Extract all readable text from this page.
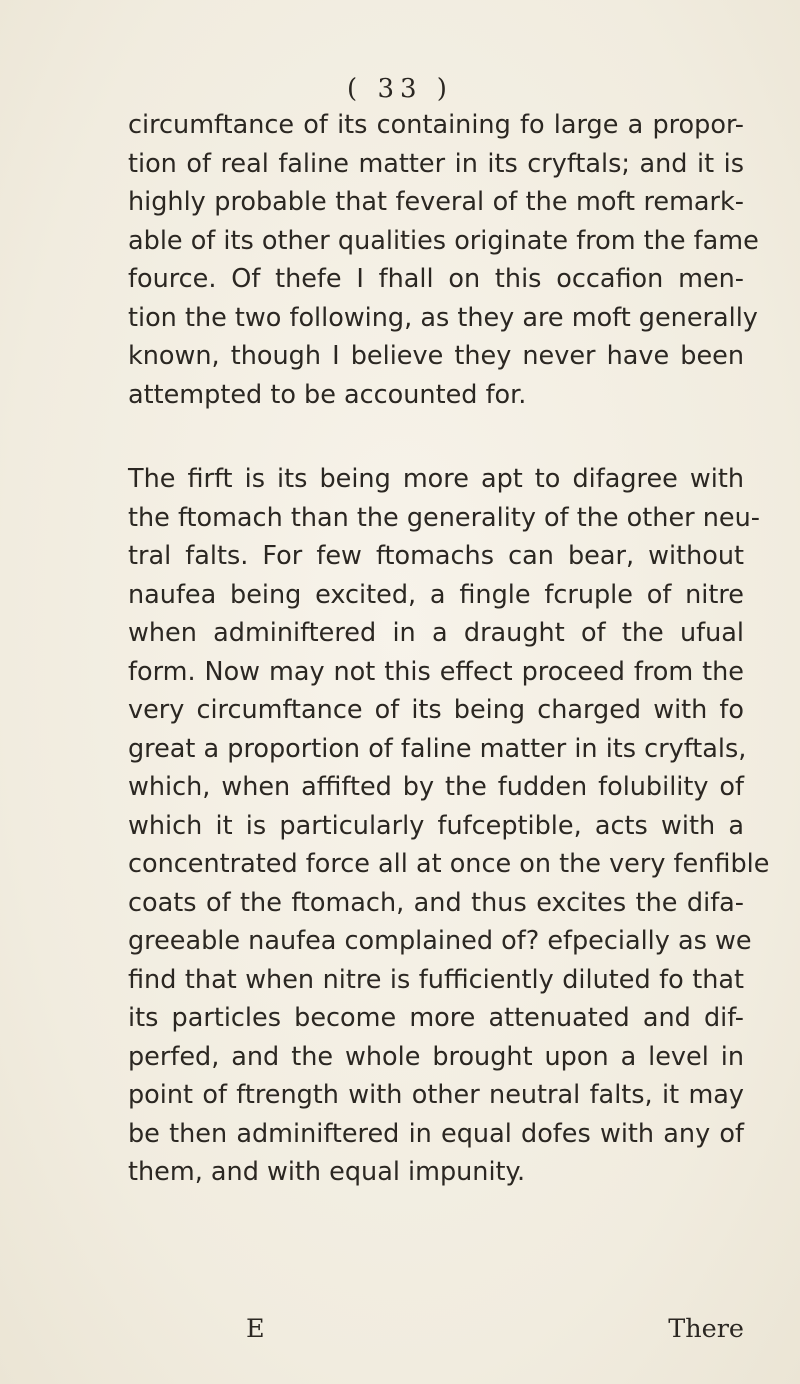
( 33 )
circumftance of its containing fo large a propor-
tion of real faline matter in its cryftals; and it is
highly probable that feveral of the moft remark-
able of its other qualities originate from the fame
fource. Of thefe I fhall on this occafion men-
tion the two following, as they are moft generally
known, though I believe they never have been
attempted to be accounted for.
The firft is its being more apt to difagree with
the ftomach than the generality of the other neu-
tral falts. For few ftomachs can bear, without
naufea being excited, a fingle fcruple of nitre
when adminiftered in a draught of the ufual
form. Now may not this effect proceed from the
very circumftance of its being charged with fo
great a proportion of faline matter in its cryftals,
which, when affifted by the fudden folubility of
which it is particularly fufceptible, acts with a
concentrated force all at once on the very fenfible
coats of the ftomach, and thus excites the difa-
greeable naufea complained of? efpecially as we
find that when nitre is fufficiently diluted fo that
its particles become more attenuated and dif-
perfed, and the whole brought upon a level in
point of ftrength with other neutral falts, it may
be then adminiftered in equal dofes with any of
them, and with equal impunity.
E	There
